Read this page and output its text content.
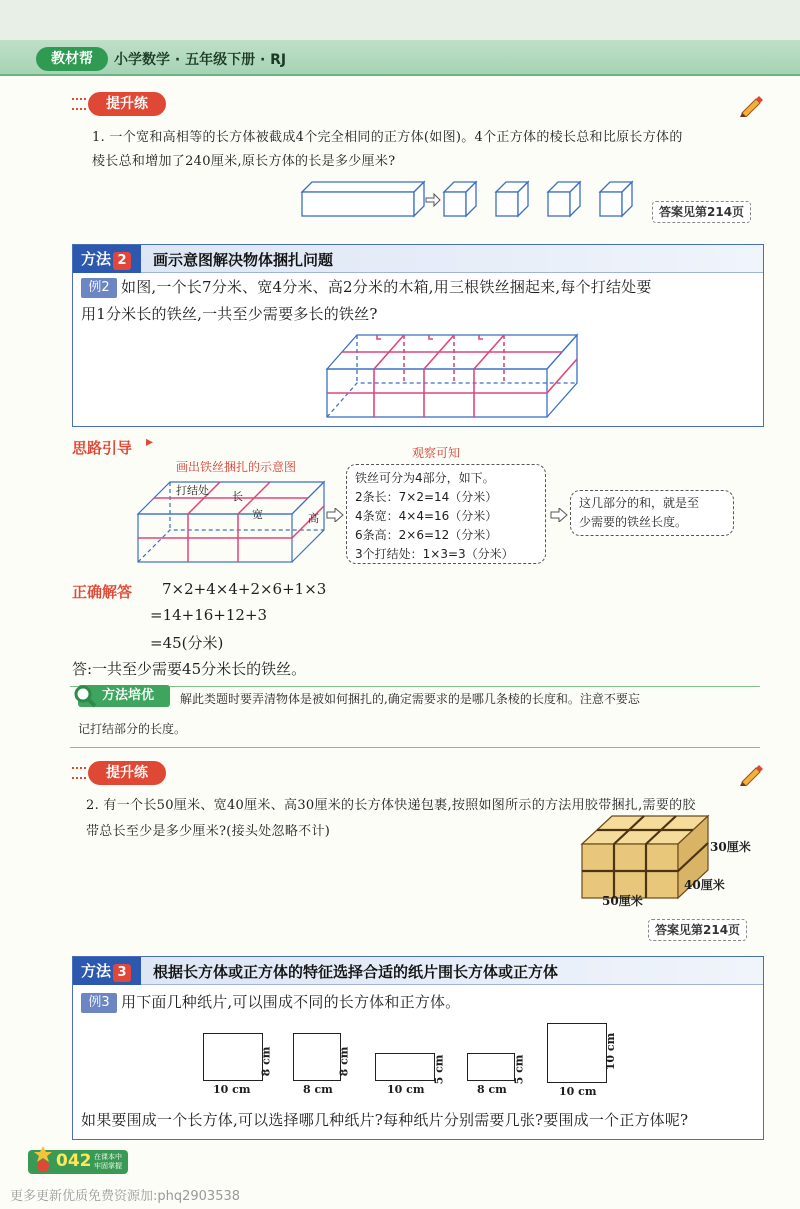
教材帮	小学数学 · 五年级下册 · RJ
提升练
1. 一个宽和高相等的长方体被截成4个完全相同的正方体(如图)。4个正方体的棱长总和比原长方体的
棱长总和增加了240厘米,原长方体的长是多少厘米?
答案见第214页
方法 2	画示意图解决物体捆扎问题
例2 如图,一个长7分米、宽4分米、高2分米的木箱,用三根铁丝捆起来,每个打结处要
用1分米长的铁丝,一共至少需要多长的铁丝?
思路引导 ▸
画出铁丝捆扎的示意图
观察可知
打结处 长
宽	高
铁丝可分为4部分，如下。
2条长：7×2=14（分米）
4条宽：4×4=16（分米）
6条高：2×6=12（分米）
3个打结处：1×3=3（分米）
这几部分的和，就是至
少需要的铁丝长度。
正确解答 7×2+4×4+2×6+1×3
=14+16+12+3
=45(分米)
答:一共至少需要45分米长的铁丝。
方法培优	解此类题时要弄清物体是被如何捆扎的,确定需要求的是哪几条棱的长度和。注意不要忘
记打结部分的长度。
提升练
2. 有一个长50厘米、宽40厘米、高30厘米的长方体快递包裹,按照如图所示的方法用胶带捆扎,需要的胶
带总长至少是多少厘米?(接头处忽略不计)
30厘米
40厘米
50厘米
答案见第214页
方法 3	根据长方体或正方体的特征选择合适的纸片围长方体或正方体
例3 用下面几种纸片,可以围成不同的长方体和正方体。
10 cm
8 cm
8 cm
8 cm
10 cm
5 cm
8 cm
5 cm
10 cm
10 cm
如果要围成一个长方体,可以选择哪几种纸片?每种纸片分别需要几张?要围成一个正方体呢?
042 在课本中
牢固掌握
更多更新优质免费资源加:phq2903538
